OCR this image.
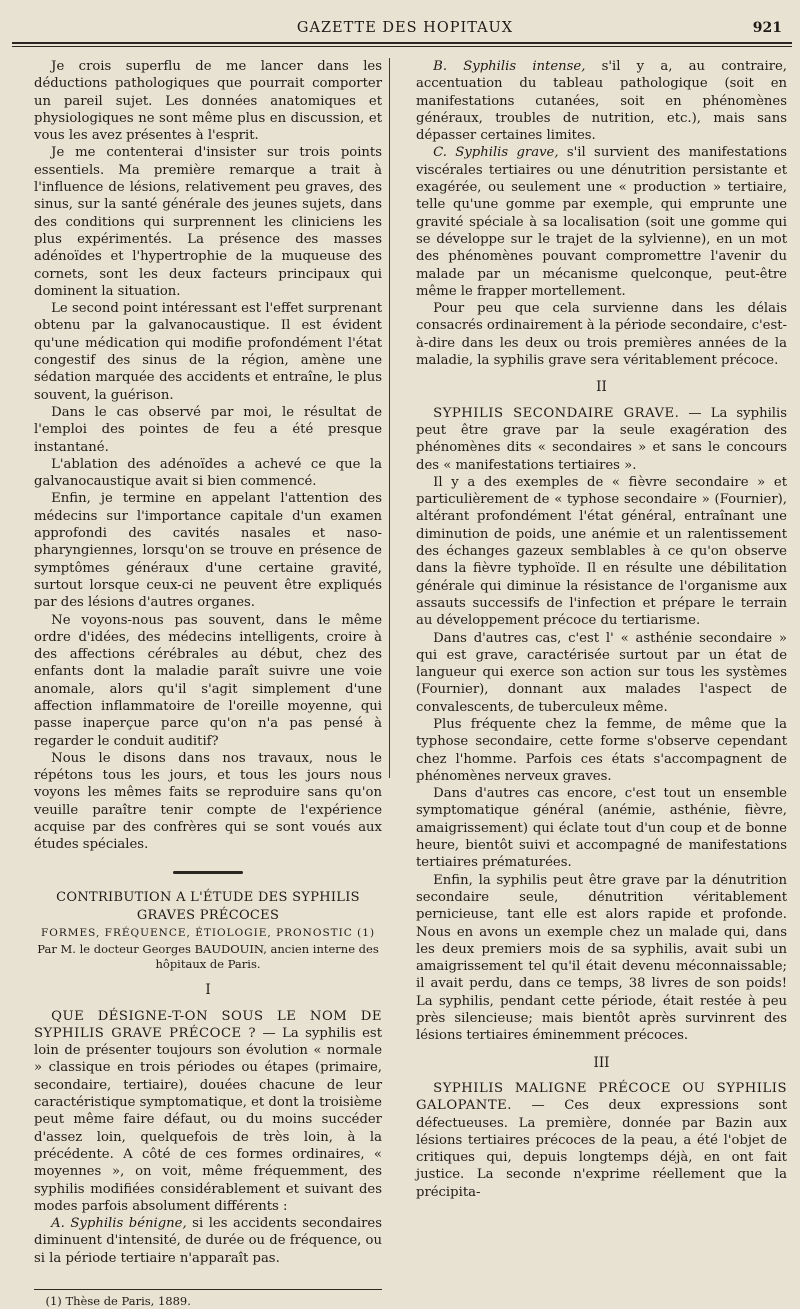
GAZETTE DES HOPITAUX	921

Je crois superflu de me lancer dans les déductions pathologiques que pourrait comporter un pareil sujet. Les données anatomiques et physiologiques ne sont même plus en discussion, et vous les avez présentes à l'esprit.

Je me contenterai d'insister sur trois points essentiels. Ma première remarque a trait à l'influence de lésions, relativement peu graves, des sinus, sur la santé générale des jeunes sujets, dans des conditions qui surprennent les cliniciens les plus expérimentés. La présence des masses adénoïdes et l'hypertrophie de la muqueuse des cornets, sont les deux facteurs principaux qui dominent la situation.

Le second point intéressant est l'effet surprenant obtenu par la galvanocaustique. Il est évident qu'une médication qui modifie profondément l'état congestif des sinus de la région, amène une sédation marquée des accidents et entraîne, le plus souvent, la guérison.

Dans le cas observé par moi, le résultat de l'emploi des pointes de feu a été presque instantané.

L'ablation des adénoïdes a achevé ce que la galvanocaustique avait si bien commencé.

Enfin, je termine en appelant l'attention des médecins sur l'importance capitale d'un examen approfondi des cavités nasales et naso-pharyngiennes, lorsqu'on se trouve en présence de symptômes généraux d'une certaine gravité, surtout lorsque ceux-ci ne peuvent être expliqués par des lésions d'autres organes.

Ne voyons-nous pas souvent, dans le même ordre d'idées, des médecins intelligents, croire à des affections cérébrales au début, chez des enfants dont la maladie paraît suivre une voie anomale, alors qu'il s'agit simplement d'une affection inflammatoire de l'oreille moyenne, qui passe inaperçue parce qu'on n'a pas pensé à regarder le conduit auditif?

Nous le disons dans nos travaux, nous le répétons tous les jours, et tous les jours nous voyons les mêmes faits se reproduire sans qu'on veuille paraître tenir compte de l'expérience acquise par des confrères qui se sont voués aux études spéciales.

CONTRIBUTION A L'ÉTUDE DES SYPHILIS GRAVES PRÉCOCES

FORMES, FRÉQUENCE, ÉTIOLOGIE, PRONOSTIC (1)

Par M. le docteur Georges BAUDOUIN, ancien interne des hôpitaux de Paris.

I

QUE DÉSIGNE-T-ON SOUS LE NOM DE SYPHILIS GRAVE PRÉCOCE ? — La syphilis est loin de présenter toujours son évolution « normale » classique en trois périodes ou étapes (primaire, secondaire, tertiaire), douées chacune de leur caractéristique symptomatique, et dont la troisième peut même faire défaut, ou du moins succéder d'assez loin, quelquefois de très loin, à la précédente. A côté de ces formes ordinaires, « moyennes », on voit, même fréquemment, des syphilis modifiées considérablement et suivant des modes parfois absolument différents :

A. Syphilis bénigne, si les accidents secondaires diminuent d'intensité, de durée ou de fréquence, ou si la période tertiaire n'apparaît pas.

(1) Thèse de Paris, 1889.

B. Syphilis intense, s'il y a, au contraire, accentuation du tableau pathologique (soit en manifestations cutanées, soit en phénomènes généraux, troubles de nutrition, etc.), mais sans dépasser certaines limites.

C. Syphilis grave, s'il survient des manifestations viscérales tertiaires ou une dénutrition persistante et exagérée, ou seulement une « production » tertiaire, telle qu'une gomme par exemple, qui emprunte une gravité spéciale à sa localisation (soit une gomme qui se développe sur le trajet de la sylvienne), en un mot des phénomènes pouvant compromettre l'avenir du malade par un mécanisme quelconque, peut-être même le frapper mortellement.

Pour peu que cela survienne dans les délais consacrés ordinairement à la période secondaire, c'est-à-dire dans les deux ou trois premières années de la maladie, la syphilis grave sera véritablement précoce.

II

SYPHILIS SECONDAIRE GRAVE. — La syphilis peut être grave par la seule exagération des phénomènes dits « secondaires » et sans le concours des « manifestations tertiaires ».

Il y a des exemples de « fièvre secondaire » et particulièrement de « typhose secondaire » (Fournier), altérant profondément l'état général, entraînant une diminution de poids, une anémie et un ralentissement des échanges gazeux semblables à ce qu'on observe dans la fièvre typhoïde. Il en résulte une débilitation générale qui diminue la résistance de l'organisme aux assauts successifs de l'infection et prépare le terrain au développement précoce du tertiarisme.

Dans d'autres cas, c'est l' « asthénie secondaire » qui est grave, caractérisée surtout par un état de langueur qui exerce son action sur tous les systèmes (Fournier), donnant aux malades l'aspect de convalescents, de tuberculeux même.

Plus fréquente chez la femme, de même que la typhose secondaire, cette forme s'observe cependant chez l'homme. Parfois ces états s'accompagnent de phénomènes nerveux graves.

Dans d'autres cas encore, c'est tout un ensemble symptomatique général (anémie, asthénie, fièvre, amaigrissement) qui éclate tout d'un coup et de bonne heure, bientôt suivi et accompagné de manifestations tertiaires prématurées.

Enfin, la syphilis peut être grave par la dénutrition secondaire seule, dénutrition véritablement pernicieuse, tant elle est alors rapide et profonde. Nous en avons un exemple chez un malade qui, dans les deux premiers mois de sa syphilis, avait subi un amaigrissement tel qu'il était devenu méconnaissable; il avait perdu, dans ce temps, 38 livres de son poids! La syphilis, pendant cette période, était restée à peu près silencieuse; mais bientôt après survinrent des lésions tertiaires éminemment précoces.

III

SYPHILIS MALIGNE PRÉCOCE OU SYPHILIS GALOPANTE. — Ces deux expressions sont défectueuses. La première, donnée par Bazin aux lésions tertiaires précoces de la peau, a été l'objet de critiques qui, depuis longtemps déjà, en ont fait justice. La seconde n'exprime réellement que la précipita-
